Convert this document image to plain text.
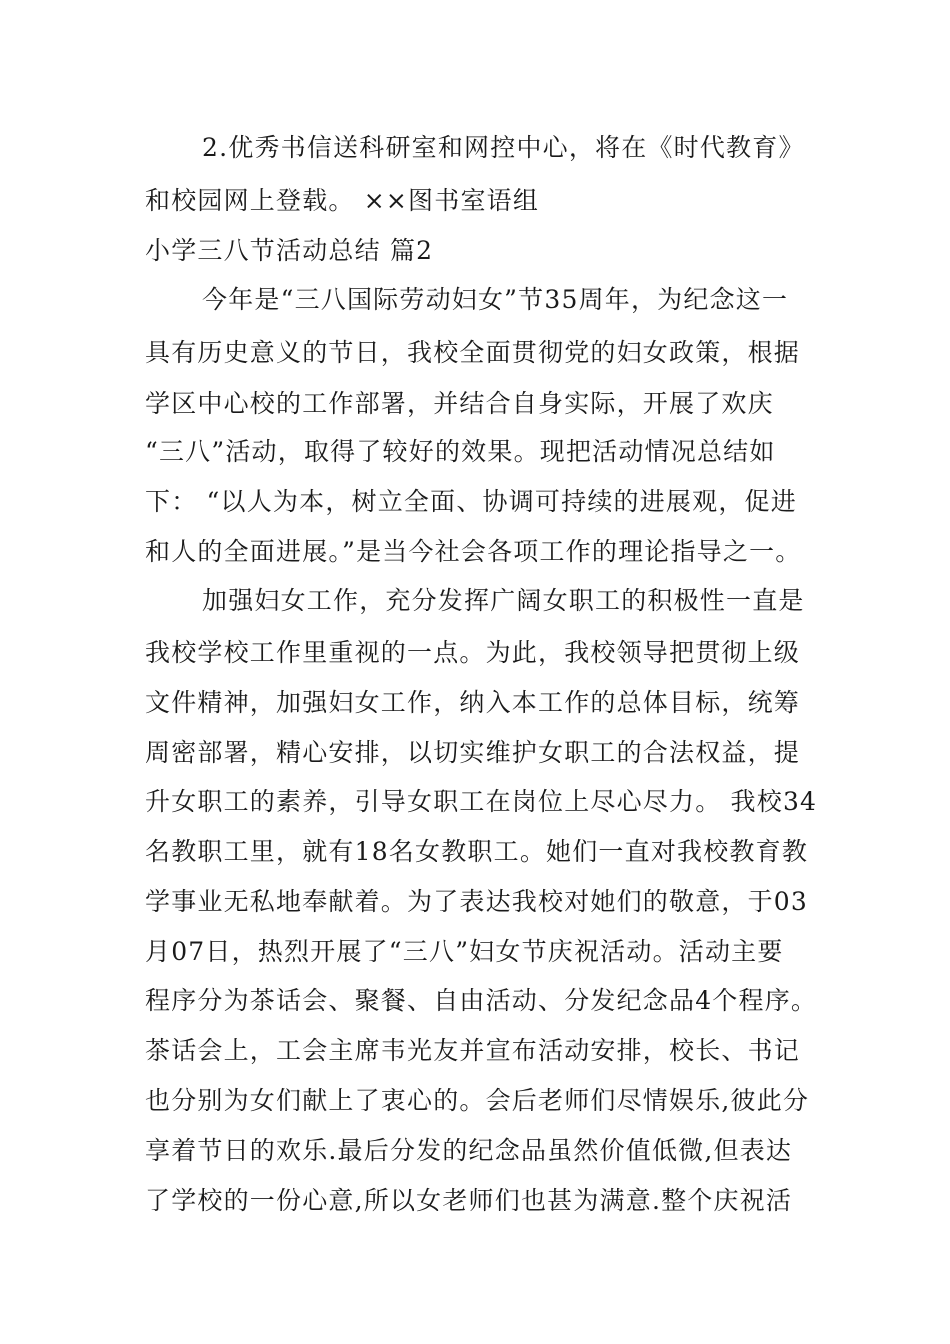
2.优秀书信送科研室和网控中心，将在《时代教育》
和校园网上登载。 ××图书室语组
小学三八节活动总结 篇2
今年是“三八国际劳动妇女”节35周年，为纪念这一
具有历史意义的节日，我校全面贯彻党的妇女政策，根据
学区中心校的工作部署，并结合自身实际，开展了欢庆
“三八”活动，取得了较好的效果。现把活动情况总结如
下： “以人为本，树立全面、协调可持续的进展观，促进
和人的全面进展。”是当今社会各项工作的理论指导之一。
加强妇女工作，充分发挥广阔女职工的积极性一直是
我校学校工作里重视的一点。为此，我校领导把贯彻上级
文件精神，加强妇女工作，纳入本工作的总体目标，统筹
周密部署，精心安排，以切实维护女职工的合法权益，提
升女职工的素养，引导女职工在岗位上尽心尽力。 我校34
名教职工里，就有18名女教职工。她们一直对我校教育教
学事业无私地奉献着。为了表达我校对她们的敬意，于03
月07日，热烈开展了“三八”妇女节庆祝活动。活动主要
程序分为茶话会、聚餐、自由活动、分发纪念品4个程序。
茶话会上，工会主席韦光友并宣布活动安排，校长、书记
也分别为女们献上了衷心的。会后老师们尽情娱乐,彼此分
享着节日的欢乐.最后分发的纪念品虽然价值低微,但表达
了学校的一份心意,所以女老师们也甚为满意.整个庆祝活
